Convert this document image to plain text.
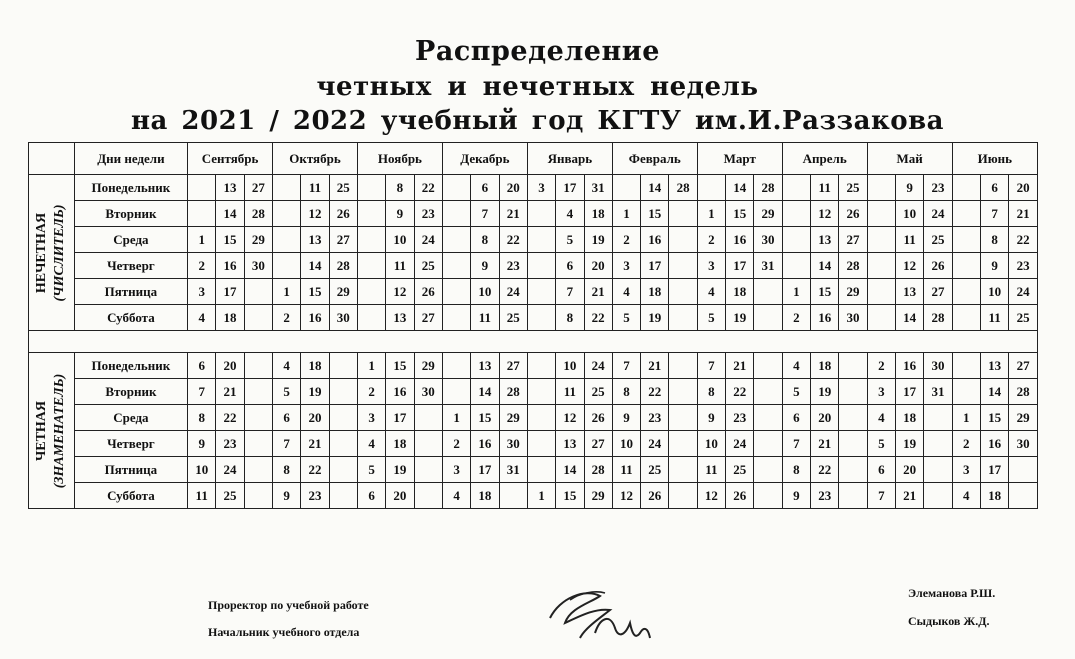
Распределение
четных и нечетных недель
на 2021 / 2022 учебный год КГТУ им.И.Раззакова
	Дни недели	Сентябрь			Октябрь			Ноябрь			Декабрь			Январь			Февраль			Март			Апрель			Май			Июнь		

НЕЧЕТНАЯ (ЧИСЛИТЕЛЬ)	Понедельник		13	27		11	25		8	22		6	20	3	17	31		14	28		14	28		11	25		9	23		6	20
	Вторник		14	28		12	26		9	23		7	21		4	18	1	15		1	15	29		12	26		10	24		7	21
	Среда	1	15	29		13	27		10	24		8	22		5	19	2	16		2	16	30		13	27		11	25		8	22
	Четверг	2	16	30		14	28		11	25		9	23		6	20	3	17		3	17	31		14	28		12	26		9	23
	Пятница	3	17		1	15	29		12	26		10	24		7	21	4	18		4	18		1	15	29		13	27		10	24
	Суббота	4	18		2	16	30		13	27		11	25		8	22	5	19		5	19		2	16	30		14	28		11	25

ЧЕТНАЯ (ЗНАМЕНАТЕЛЬ)	Понедельник	6	20		4	18		1	15	29		13	27		10	24	7	21		7	21		4	18		2	16	30		13	27
	Вторник	7	21		5	19		2	16	30		14	28		11	25	8	22		8	22		5	19		3	17	31		14	28
	Среда	8	22		6	20		3	17		1	15	29		12	26	9	23		9	23		6	20		4	18		1	15	29
	Четверг	9	23		7	21		4	18		2	16	30		13	27	10	24		10	24		7	21		5	19		2	16	30
	Пятница	10	24		8	22		5	19		3	17	31		14	28	11	25		11	25		8	22		6	20		3	17	
	Суббота	11	25		9	23		6	20		4	18		1	15	29	12	26		12	26		9	23		7	21		4	18	
Проректор по учебной работе
Начальник учебного отдела
Элеманова Р.Ш.
Сыдыков Ж.Д.
